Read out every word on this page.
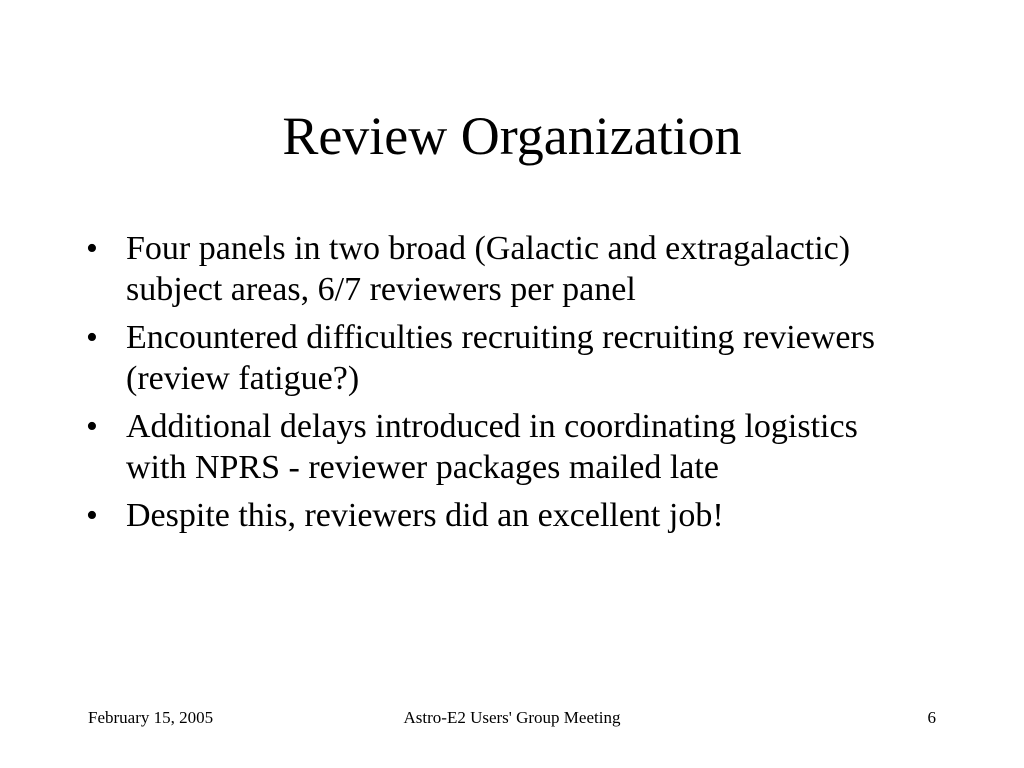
Review Organization
• Four panels in two broad (Galactic and extragalactic) subject areas, 6/7 reviewers per panel
• Encountered difficulties recruiting recruiting reviewers (review fatigue?)
• Additional delays introduced in coordinating logistics with NPRS - reviewer packages mailed late
• Despite this, reviewers did an excellent job!
February 15, 2005	Astro-E2 Users' Group Meeting	6
